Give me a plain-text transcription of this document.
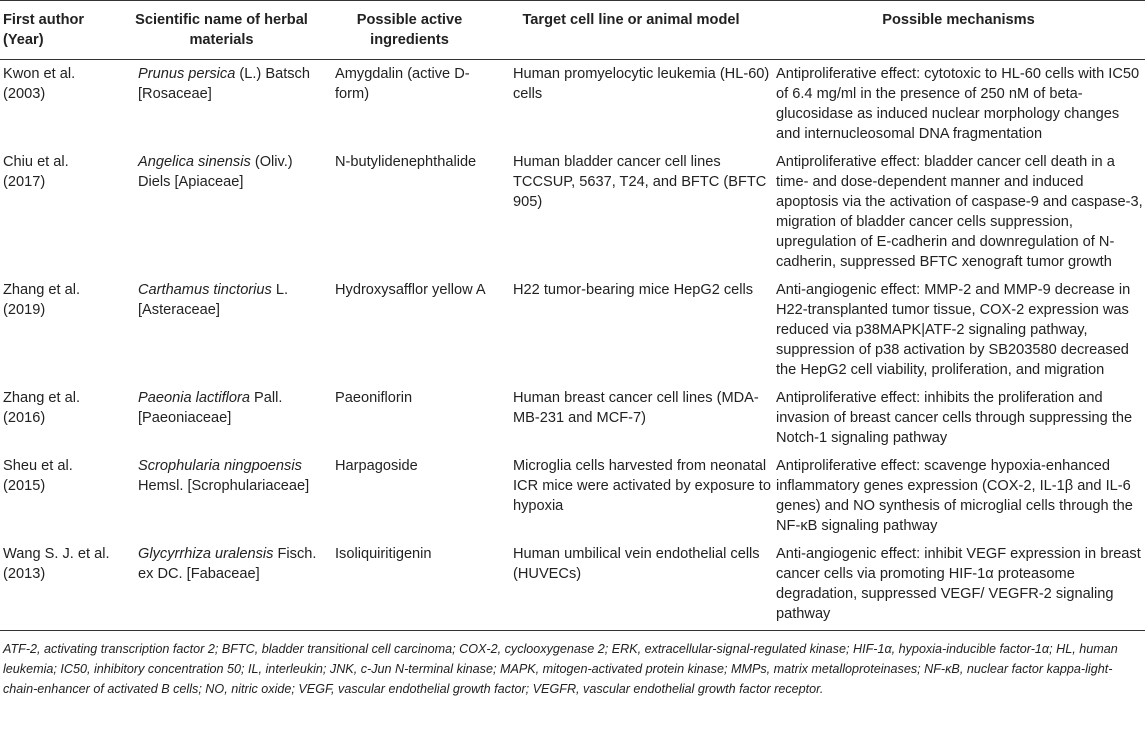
First author (Year)	Scientific name of herbal materials	Possible active ingredients	Target cell line or animal model	Possible mechanisms
Kwon et al. (2003)	Prunus persica (L.) Batsch [Rosaceae]	Amygdalin (active D-form)	Human promyelocytic leukemia (HL-60) cells	Antiproliferative effect: cytotoxic to HL-60 cells with IC50 of 6.4 mg/ml in the presence of 250 nM of beta-glucosidase as induced nuclear morphology changes and internucleosomal DNA fragmentation
Chiu et al. (2017)	Angelica sinensis (Oliv.) Diels [Apiaceae]	N-butylidenephthalide	Human bladder cancer cell lines TCCSUP, 5637, T24, and BFTC (BFTC 905)	Antiproliferative effect: bladder cancer cell death in a time- and dose-dependent manner and induced apoptosis via the activation of caspase-9 and caspase-3, migration of bladder cancer cells suppression, upregulation of E-cadherin and downregulation of N-cadherin, suppressed BFTC xenograft tumor growth
Zhang et al. (2019)	Carthamus tinctorius L. [Asteraceae]	Hydroxysafflor yellow A	H22 tumor-bearing mice HepG2 cells	Anti-angiogenic effect: MMP-2 and MMP-9 decrease in H22-transplanted tumor tissue, COX-2 expression was reduced via p38MAPK|ATF-2 signaling pathway, suppression of p38 activation by SB203580 decreased the HepG2 cell viability, proliferation, and migration
Zhang et al. (2016)	Paeonia lactiflora Pall. [Paeoniaceae]	Paeoniflorin	Human breast cancer cell lines (MDA-MB-231 and MCF-7)	Antiproliferative effect: inhibits the proliferation and invasion of breast cancer cells through suppressing the Notch-1 signaling pathway
Sheu et al. (2015)	Scrophularia ningpoensis Hemsl. [Scrophulariaceae]	Harpagoside	Microglia cells harvested from neonatal ICR mice were activated by exposure to hypoxia	Antiproliferative effect: scavenge hypoxia-enhanced inflammatory genes expression (COX-2, IL-1β and IL-6 genes) and NO synthesis of microglial cells through the NF-κB signaling pathway
Wang S. J. et al. (2013)	Glycyrrhiza uralensis Fisch. ex DC. [Fabaceae]	Isoliquiritigenin	Human umbilical vein endothelial cells (HUVECs)	Anti-angiogenic effect: inhibit VEGF expression in breast cancer cells via promoting HIF-1α proteasome degradation, suppressed VEGF/ VEGFR-2 signaling pathway
ATF-2, activating transcription factor 2; BFTC, bladder transitional cell carcinoma; COX-2, cyclooxygenase 2; ERK, extracellular-signal-regulated kinase; HIF-1α, hypoxia-inducible factor-1α; HL, human leukemia; IC50, inhibitory concentration 50; IL, interleukin; JNK, c-Jun N-terminal kinase; MAPK, mitogen-activated protein kinase; MMPs, matrix metalloproteinases; NF-κB, nuclear factor kappa-light-chain-enhancer of activated B cells; NO, nitric oxide; VEGF, vascular endothelial growth factor; VEGFR, vascular endothelial growth factor receptor.
